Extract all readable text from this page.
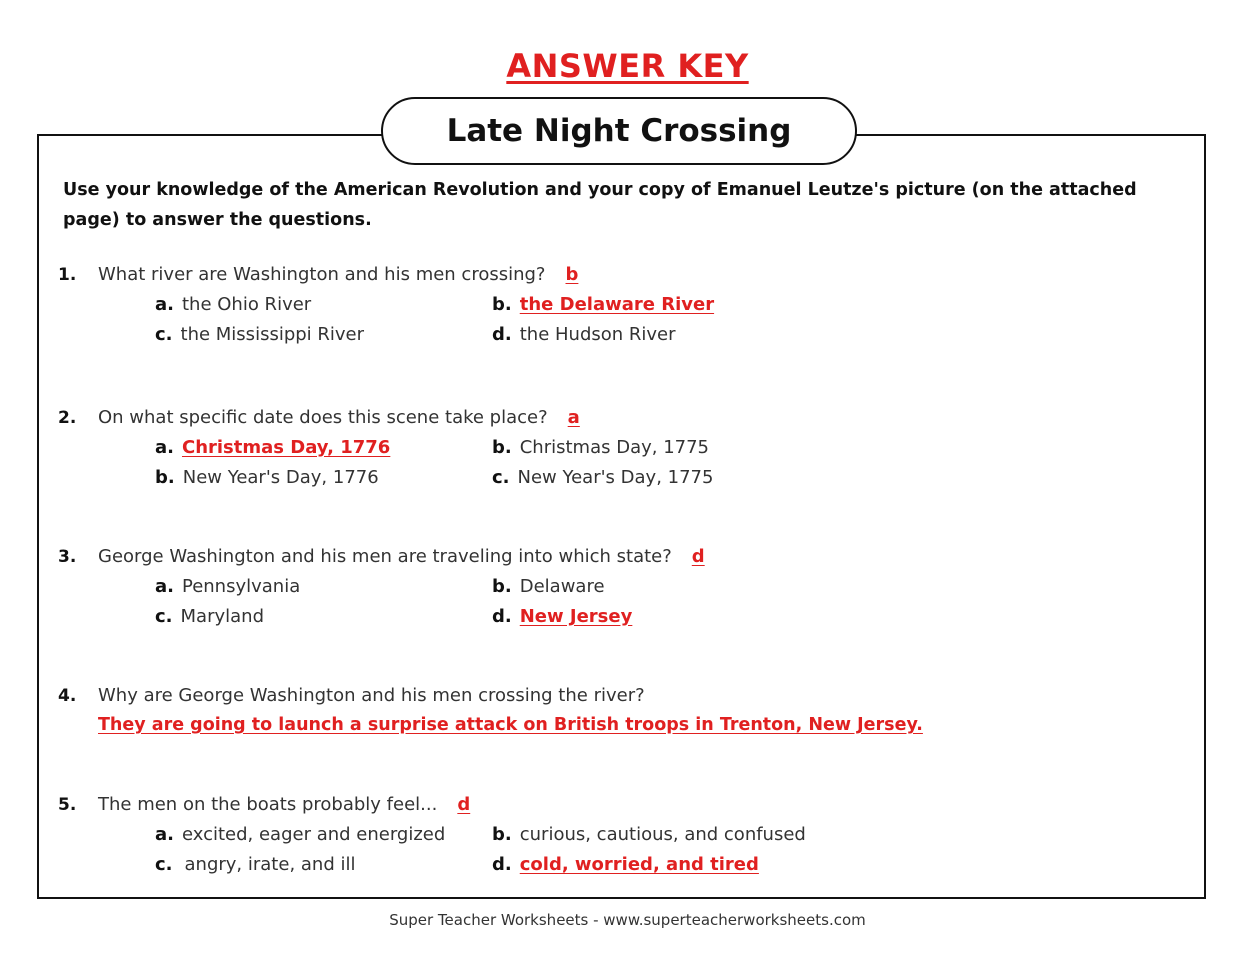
ANSWER KEY
Late Night Crossing
Use your knowledge of the American Revolution and your copy of Emanuel Leutze's picture (on the attached page) to answer the questions.
1. What river are Washington and his men crossing? b
a. the Ohio River	b. the Delaware River
c. the Mississippi River	d. the Hudson River
2. On what specific date does this scene take place? a
a. Christmas Day, 1776	b. Christmas Day, 1775
b. New Year's Day, 1776	c. New Year's Day, 1775
3. George Washington and his men are traveling into which state? d
a. Pennsylvania	b. Delaware
c. Maryland	d. New Jersey
4. Why are George Washington and his men crossing the river?
They are going to launch a surprise attack on British troops in Trenton, New Jersey.
5. The men on the boats probably feel... d
a. excited, eager and energized	b. curious, cautious, and confused
c. angry, irate, and ill	d. cold, worried, and tired
Super Teacher Worksheets - www.superteacherworksheets.com
